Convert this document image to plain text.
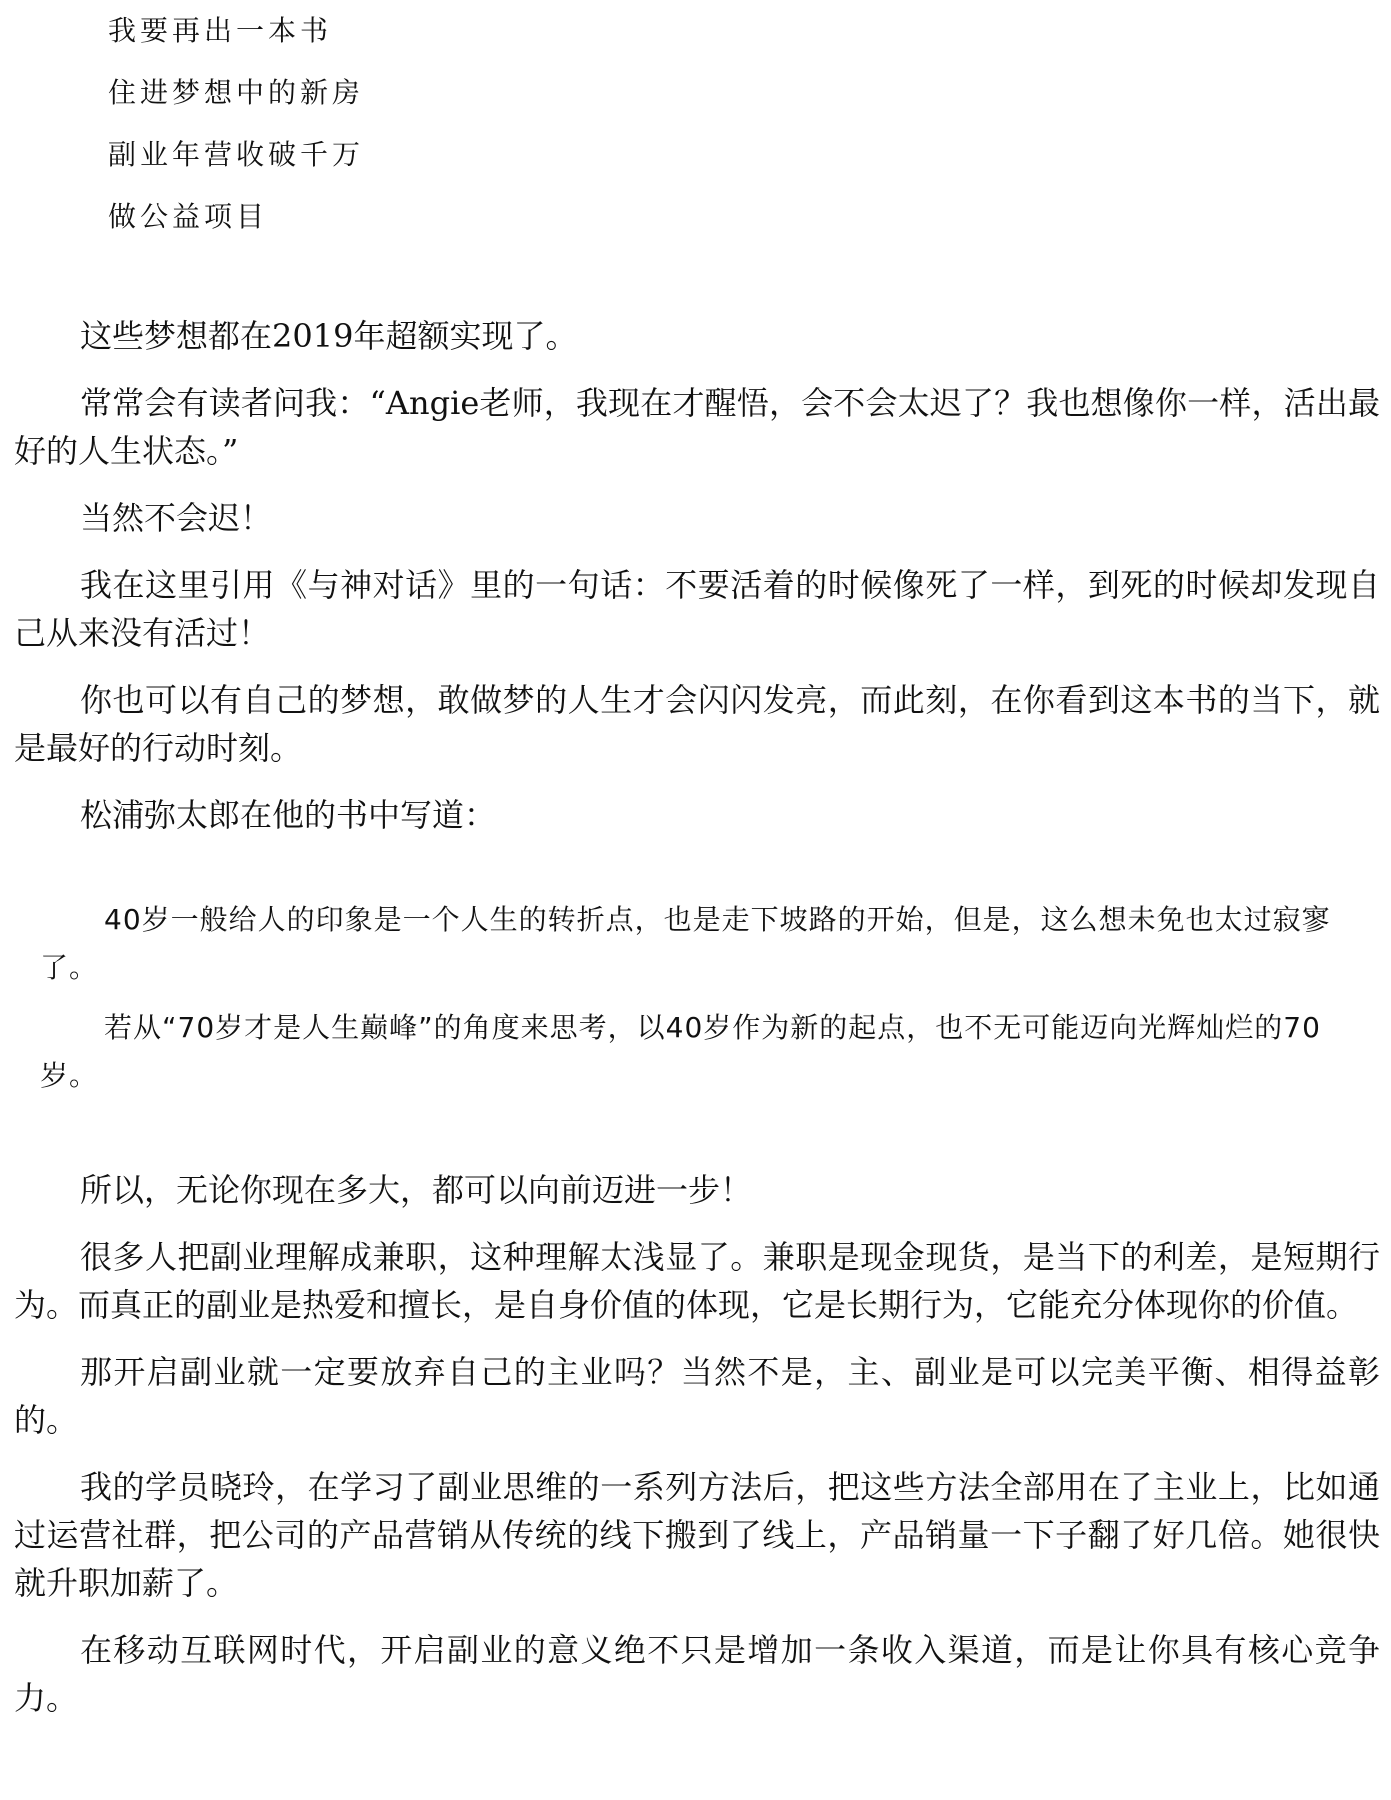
我要再出一本书
住进梦想中的新房
副业年营收破千万
做公益项目

这些梦想都在2019年超额实现了。

常常会有读者问我：“Angie老师，我现在才醒悟，会不会太迟了？我也想像你一样，活出最好的人生状态。”

当然不会迟！

我在这里引用《与神对话》里的一句话：不要活着的时候像死了一样，到死的时候却发现自己从来没有活过！

你也可以有自己的梦想，敢做梦的人生才会闪闪发亮，而此刻，在你看到这本书的当下，就是最好的行动时刻。

松浦弥太郎在他的书中写道：

40岁一般给人的印象是一个人生的转折点，也是走下坡路的开始，但是，这么想未免也太过寂寥了。

若从“70岁才是人生巅峰”的角度来思考，以40岁作为新的起点，也不无可能迈向光辉灿烂的70岁。

所以，无论你现在多大，都可以向前迈进一步！

很多人把副业理解成兼职，这种理解太浅显了。兼职是现金现货，是当下的利差，是短期行为。而真正的副业是热爱和擅长，是自身价值的体现，它是长期行为，它能充分体现你的价值。

那开启副业就一定要放弃自己的主业吗？当然不是，主、副业是可以完美平衡、相得益彰的。

我的学员晓玲，在学习了副业思维的一系列方法后，把这些方法全部用在了主业上，比如通过运营社群，把公司的产品营销从传统的线下搬到了线上，产品销量一下子翻了好几倍。她很快就升职加薪了。

在移动互联网时代，开启副业的意义绝不只是增加一条收入渠道，而是让你具有核心竞争力。
